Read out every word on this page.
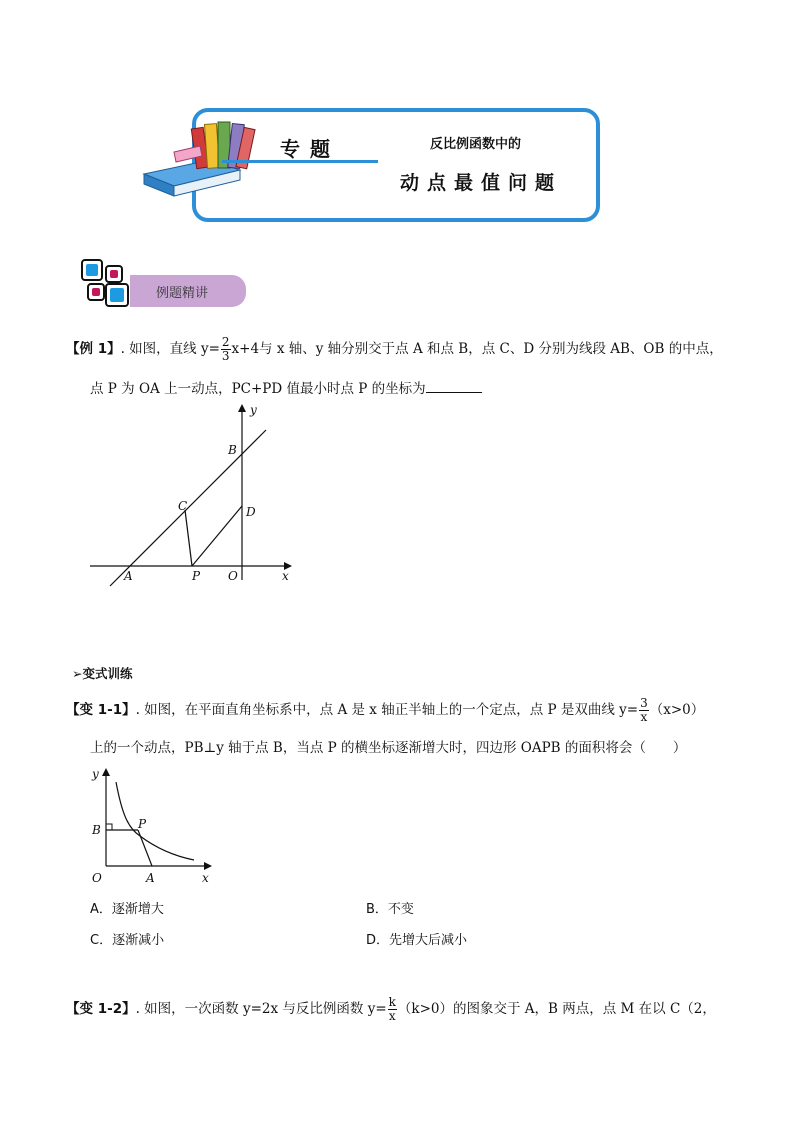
专题	反比例函数中的
动点最值问题
例题精讲
【例 1】. 如图，直线 $y= \frac{2}{3} x+4$与 x 轴、y 轴分别交于点 A 和点 B，点 C、D 分别为线段 AB、OB 的中点，
点 P 为 OA 上一动点，PC+PD 值最小时点 P 的坐标为
B
y
C	D
A	P O	x
➢变式训练
【变 1-1】. 如图，在平面直角坐标系中，点 A 是 x 轴正半轴上的一个定点，点 P 是双曲线 $y= \frac{3}{x} (x>0)$
上的一个动点，PB⊥y 轴于点 B，当点 P 的横坐标逐渐增大时，四边形 OAPB 的面积将会（　　）
y
B	P
O	A	x
A．逐渐增大	B．不变
C．逐渐减小	D．先增大后减小
【变 1-2】. 如图，一次函数 y=2x 与反比例函数 $y= \frac{k}{x} (k>0)$的图象交于 A，B 两点，点 M 在以 C（2，
